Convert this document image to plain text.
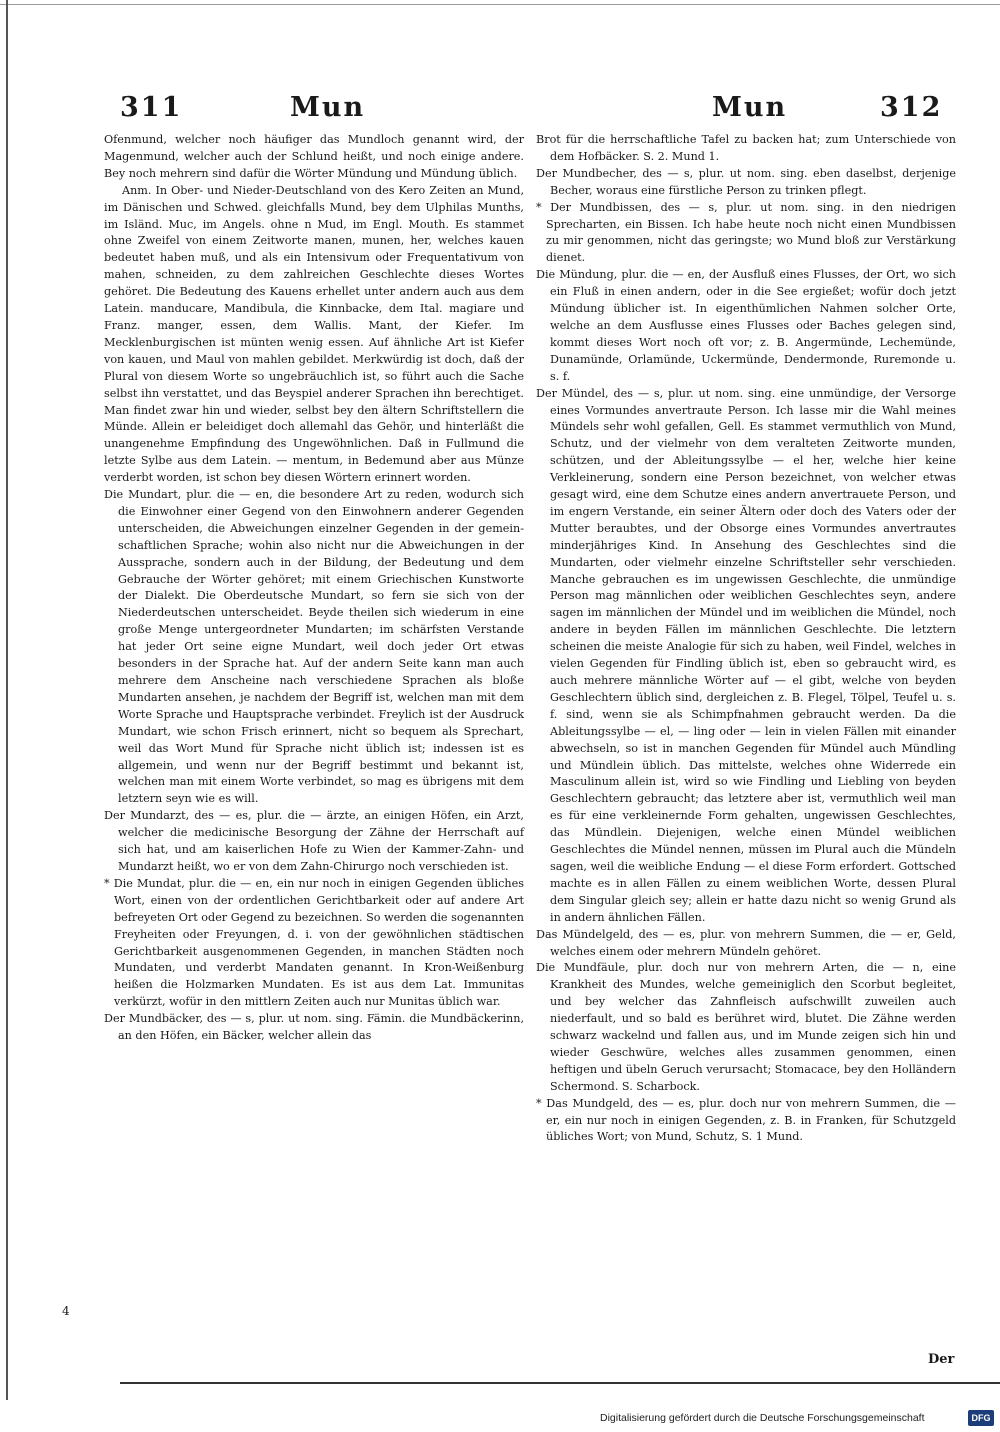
311	Mun	Mun	312

Ofenmund, welcher noch häufiger das Mundloch genannt wird, der Magenmund, welcher auch der Schlund heißt, und noch einige andere. Bey noch mehrern sind dafür die Wörter Mündung und Mündung üblich.

Anm. In Ober- und Nieder-Deutschland von des Kero Zeiten an Mund, im Dänischen und Schwed. gleichfalls Mund, bey dem Ulphilas Munths, im Isländ. Muc, im Angels. ohne n Mud, im Engl. Mouth. Es stammet ohne Zweifel von einem Zeitworte manen, munen, her, welches kauen bedeutet haben muß, und als ein Intensivum oder Frequentativum von mahen, schneiden, zu dem zahlreichen Geschlechte dieses Wortes gehöret. Die Bedeutung des Kauens erhellet unter andern auch aus dem Latein. manducare, Mandibula, die Kinnbacke, dem Ital. magiare und Franz. manger, essen, dem Wallis. Mant, der Kiefer. Im Mecklenburgischen ist münten wenig essen. Auf ähnliche Art ist Kiefer von kauen, und Maul von mahlen gebildet. Merkwürdig ist doch, daß der Plural von diesem Worte so ungebräuchlich ist, so führt auch die Sache selbst ihn verstattet, und das Beyspiel anderer Sprachen ihn berechtiget. Man findet zwar hin und wieder, selbst bey den ältern Schriftstellern die Münde. Allein er beleidiget doch allemahl das Gehör, und hinterläßt die unangenehme Empfindung des Ungewöhnlichen. Daß in Fullmund die letzte Sylbe aus dem Latein. — mentum, in Bedemund aber aus Münze verderbt worden, ist schon bey diesen Wörtern erinnert worden.

Die Mundart, plur. die — en, die besondere Art zu reden, wodurch sich die Einwohner einer Gegend von den Einwohnern anderer Gegenden unterscheiden, die Abweichungen einzelner Gegenden in der gemein-schaftlichen Sprache; wohin also nicht nur die Abweichungen in der Aussprache, sondern auch in der Bildung, der Bedeutung und dem Gebrauche der Wörter gehöret; mit einem Griechischen Kunstworte der Dialekt. Die Oberdeutsche Mundart, so fern sie sich von der Niederdeutschen unterscheidet. Beyde theilen sich wiederum in eine große Menge untergeordneter Mundarten; im schärfsten Verstande hat jeder Ort seine eigne Mundart, weil doch jeder Ort etwas besonders in der Sprache hat. Auf der andern Seite kann man auch mehrere dem Anscheine nach verschiedene Sprachen als bloße Mundarten ansehen, je nachdem der Begriff ist, welchen man mit dem Worte Sprache und Hauptsprache verbindet. Freylich ist der Ausdruck Mundart, wie schon Frisch erinnert, nicht so bequem als Sprechart, weil das Wort Mund für Sprache nicht üblich ist; indessen ist es allgemein, und wenn nur der Begriff bestimmt und bekannt ist, welchen man mit einem Worte verbindet, so mag es übrigens mit dem letztern seyn wie es will.

Der Mundarzt, des — es, plur. die — ärzte, an einigen Höfen, ein Arzt, welcher die medicinische Besorgung der Zähne der Herrschaft auf sich hat, und am kaiserlichen Hofe zu Wien der Kammer-Zahn- und Mundarzt heißt, wo er von dem Zahn-Chirurgo noch verschieden ist.

* Die Mundat, plur. die — en, ein nur noch in einigen Gegenden übliches Wort, einen von der ordentlichen Gerichtbarkeit oder auf andere Art befreyeten Ort oder Gegend zu bezeichnen. So werden die sogenannten Freyheiten oder Freyungen, d. i. von der gewöhnlichen städtischen Gerichtbarkeit ausgenommenen Gegenden, in manchen Städten noch Mundaten, und verderbt Mandaten genannt. In Kron-Weißenburg heißen die Holzmarken Mundaten. Es ist aus dem Lat. Immunitas verkürzt, wofür in den mittlern Zeiten auch nur Munitas üblich war.

Der Mundbäcker, des — s, plur. ut nom. sing. Fämin. die Mundbäckerinn, an den Höfen, ein Bäcker, welcher allein das

Brot für die herrschaftliche Tafel zu backen hat; zum Unterschiede von dem Hofbäcker. S. 2. Mund 1.

Der Mundbecher, des — s, plur. ut nom. sing. eben daselbst, derjenige Becher, woraus eine fürstliche Person zu trinken pflegt.

* Der Mundbissen, des — s, plur. ut nom. sing. in den niedrigen Sprecharten, ein Bissen. Ich habe heute noch nicht einen Mundbissen zu mir genommen, nicht das geringste; wo Mund bloß zur Verstärkung dienet.

Die Mündung, plur. die — en, der Ausfluß eines Flusses, der Ort, wo sich ein Fluß in einen andern, oder in die See ergießet; wofür doch jetzt Mündung üblicher ist. In eigenthümlichen Nahmen solcher Orte, welche an dem Ausflusse eines Flusses oder Baches gelegen sind, kommt dieses Wort noch oft vor; z. B. Angermünde, Lechemünde, Dunamünde, Orlamünde, Uckermünde, Dendermonde, Ruremonde u. s. f.

Der Mündel, des — s, plur. ut nom. sing. eine unmündige, der Versorge eines Vormundes anvertraute Person. Ich lasse mir die Wahl meines Mündels sehr wohl gefallen, Gell. Es stammet vermuthlich von Mund, Schutz, und der vielmehr von dem veralteten Zeitworte munden, schützen, und der Ableitungssylbe — el her, welche hier keine Verkleinerung, sondern eine Person bezeichnet, von welcher etwas gesagt wird, eine dem Schutze eines andern anvertrauete Person, und im engern Verstande, ein seiner Ältern oder doch des Vaters oder der Mutter beraubtes, und der Obsorge eines Vormundes anvertrautes minderjähriges Kind. In Ansehung des Geschlechtes sind die Mundarten, oder vielmehr einzelne Schriftsteller sehr verschieden. Manche gebrauchen es im ungewissen Geschlechte, die unmündige Person mag männlichen oder weiblichen Geschlechtes seyn, andere sagen im männlichen der Mündel und im weiblichen die Mündel, noch andere in beyden Fällen im männlichen Geschlechte. Die letztern scheinen die meiste Analogie für sich zu haben, weil Findel, welches in vielen Gegenden für Findling üblich ist, eben so gebraucht wird, es auch mehrere männliche Wörter auf — el gibt, welche von beyden Geschlechtern üblich sind, dergleichen z. B. Flegel, Tölpel, Teufel u. s. f. sind, wenn sie als Schimpfnahmen gebraucht werden. Da die Ableitungssylbe — el, — ling oder — lein in vielen Fällen mit einander abwechseln, so ist in manchen Gegenden für Mündel auch Mündling und Mündlein üblich. Das mittelste, welches ohne Widerrede ein Masculinum allein ist, wird so wie Findling und Liebling von beyden Geschlechtern gebraucht; das letztere aber ist, vermuthlich weil man es für eine verkleinernde Form gehalten, ungewissen Geschlechtes, das Mündlein. Diejenigen, welche einen Mündel weiblichen Geschlechtes die Mündel nennen, müssen im Plural auch die Mündeln sagen, weil die weibliche Endung — el diese Form erfordert. Gottsched machte es in allen Fällen zu einem weiblichen Worte, dessen Plural dem Singular gleich sey; allein er hatte dazu nicht so wenig Grund als in andern ähnlichen Fällen.

Das Mündelgeld, des — es, plur. von mehrern Summen, die — er, Geld, welches einem oder mehrern Mündeln gehöret.

Die Mundfäule, plur. doch nur von mehrern Arten, die — n, eine Krankheit des Mundes, welche gemeiniglich den Scorbut begleitet, und bey welcher das Zahnfleisch aufschwillt zuweilen auch niederfault, und so bald es berühret wird, blutet. Die Zähne werden schwarz wackelnd und fallen aus, und im Munde zeigen sich hin und wieder Geschwüre, welches alles zusammen genommen, einen heftigen und übeln Geruch verursacht; Stomacace, bey den Holländern Schermond. S. Scharbock.

* Das Mundgeld, des — es, plur. doch nur von mehrern Summen, die — er, ein nur noch in einigen Gegenden, z. B. in Franken, für Schutzgeld übliches Wort; von Mund, Schutz, S. 1 Mund.

4
Der
Digitalisierung gefördert durch die Deutsche Forschungsgemeinschaft	DFG
